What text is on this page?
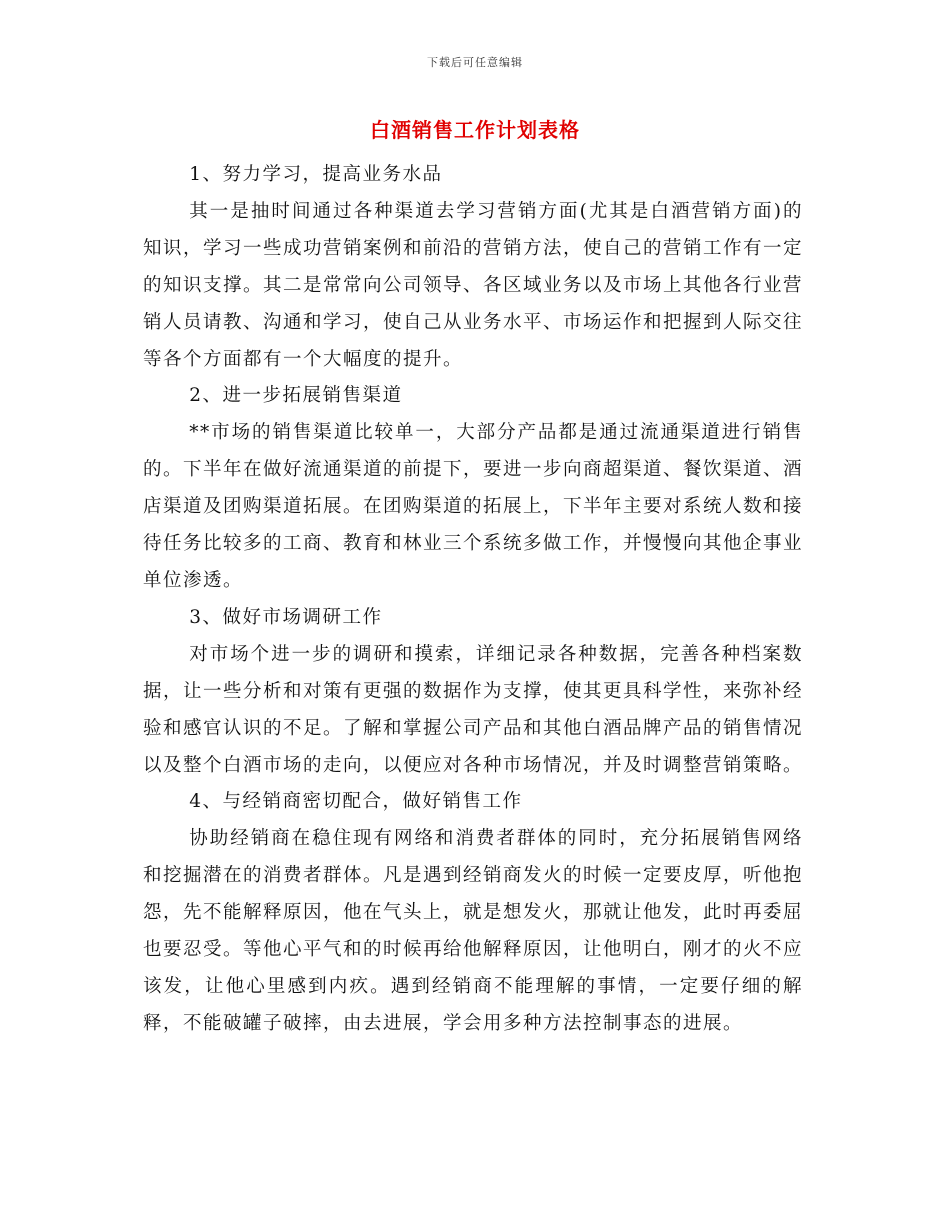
下载后可任意编辑
白酒销售工作计划表格

1、努力学习，提高业务水品

其一是抽时间通过各种渠道去学习营销方面(尤其是白酒营销方面)的知识，学习一些成功营销案例和前沿的营销方法，使自己的营销工作有一定的知识支撑。其二是常常向公司领导、各区域业务以及市场上其他各行业营销人员请教、沟通和学习，使自己从业务水平、市场运作和把握到人际交往等各个方面都有一个大幅度的提升。

2、进一步拓展销售渠道

**市场的销售渠道比较单一，大部分产品都是通过流通渠道进行销售的。下半年在做好流通渠道的前提下，要进一步向商超渠道、餐饮渠道、酒店渠道及团购渠道拓展。在团购渠道的拓展上，下半年主要对系统人数和接待任务比较多的工商、教育和林业三个系统多做工作，并慢慢向其他企事业单位渗透。

3、做好市场调研工作

对市场个进一步的调研和摸索，详细记录各种数据，完善各种档案数据，让一些分析和对策有更强的数据作为支撑，使其更具科学性，来弥补经验和感官认识的不足。了解和掌握公司产品和其他白酒品牌产品的销售情况以及整个白酒市场的走向，以便应对各种市场情况，并及时调整营销策略。

4、与经销商密切配合，做好销售工作

协助经销商在稳住现有网络和消费者群体的同时，充分拓展销售网络和挖掘潜在的消费者群体。凡是遇到经销商发火的时候一定要皮厚，听他抱怨，先不能解释原因，他在气头上，就是想发火，那就让他发，此时再委屈也要忍受。等他心平气和的时候再给他解释原因，让他明白，刚才的火不应该发，让他心里感到内疚。遇到经销商不能理解的事情，一定要仔细的解释，不能破罐子破摔，由去进展，学会用多种方法控制事态的进展。
